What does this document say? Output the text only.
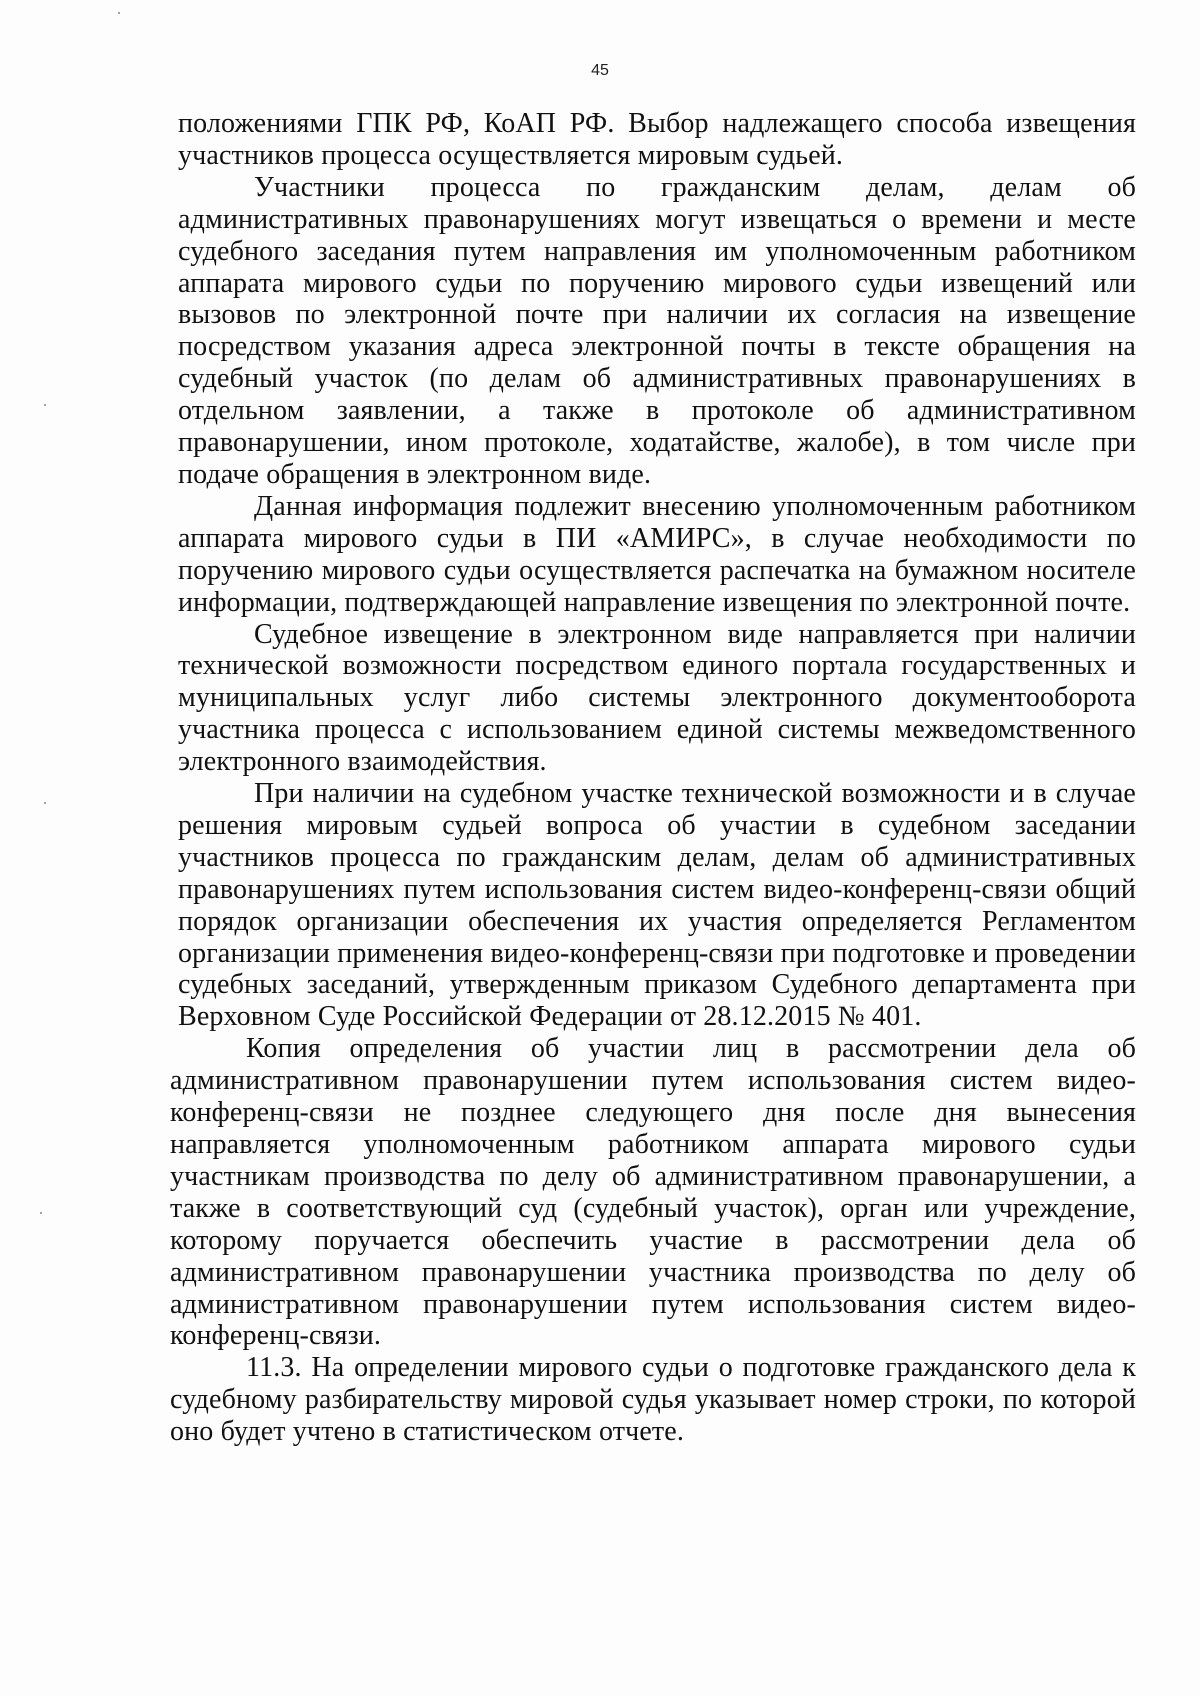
45

положениями ГПК РФ, КоАП РФ. Выбор надлежащего способа извещения участников процесса осуществляется мировым судьей.

Участники процесса по гражданским делам, делам об административных правонарушениях могут извещаться о времени и месте судебного заседания путем направления им уполномоченным работником аппарата мирового судьи по поручению мирового судьи извещений или вызовов по электронной почте при наличии их согласия на извещение посредством указания адреса электронной почты в тексте обращения на судебный участок (по делам об административных правонарушениях в отдельном заявлении, а также в протоколе об административном правонарушении, ином протоколе, ходатайстве, жалобе), в том числе при подаче обращения в электронном виде.

Данная информация подлежит внесению уполномоченным работником аппарата мирового судьи в ПИ «АМИРС», в случае необходимости по поручению мирового судьи осуществляется распечатка на бумажном носителе информации, подтверждающей направление извещения по электронной почте.

Судебное извещение в электронном виде направляется при наличии технической возможности посредством единого портала государственных и муниципальных услуг либо системы электронного документооборота участника процесса с использованием единой системы межведомственного электронного взаимодействия.

При наличии на судебном участке технической возможности и в случае решения мировым судьей вопроса об участии в судебном заседании участников процесса по гражданским делам, делам об административных правонарушениях путем использования систем видео-конференц-связи общий порядок организации обеспечения их участия определяется Регламентом организации применения видео-конференц-связи при подготовке и проведении судебных заседаний, утвержденным приказом Судебного департамента при Верховном Суде Российской Федерации от 28.12.2015 № 401.

Копия определения об участии лиц в рассмотрении дела об административном правонарушении путем использования систем видео-конференц-связи не позднее следующего дня после дня вынесения направляется уполномоченным работником аппарата мирового судьи участникам производства по делу об административном правонарушении, а также в соответствующий суд (судебный участок), орган или учреждение, которому поручается обеспечить участие в рассмотрении дела об административном правонарушении участника производства по делу об административном правонарушении путем использования систем видео-конференц-связи.

11.3. На определении мирового судьи о подготовке гражданского дела к судебному разбирательству мировой судья указывает номер строки, по которой оно будет учтено в статистическом отчете.
